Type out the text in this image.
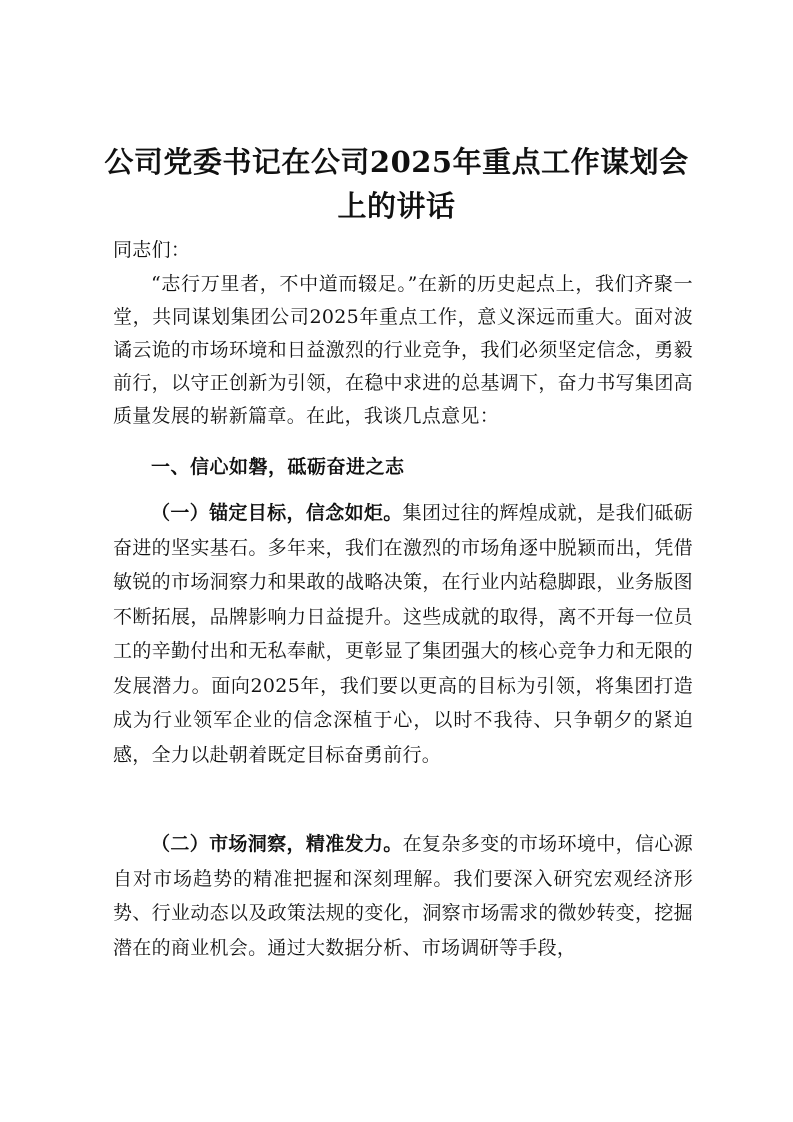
公司党委书记在公司2025年重点工作谋划会上的讲话
同志们：
“志行万里者，不中道而辍足。”在新的历史起点上，我们齐聚一堂，共同谋划集团公司2025年重点工作，意义深远而重大。面对波谲云诡的市场环境和日益激烈的行业竞争，我们必须坚定信念，勇毅前行，以守正创新为引领，在稳中求进的总基调下，奋力书写集团高质量发展的崭新篇章。在此，我谈几点意见：
一、信心如磐，砥砺奋进之志
（一）锚定目标，信念如炬。集团过往的辉煌成就，是我们砥砺奋进的坚实基石。多年来，我们在激烈的市场角逐中脱颖而出，凭借敏锐的市场洞察力和果敢的战略决策，在行业内站稳脚跟，业务版图不断拓展，品牌影响力日益提升。这些成就的取得，离不开每一位员工的辛勤付出和无私奉献，更彰显了集团强大的核心竞争力和无限的发展潜力。面向2025年，我们要以更高的目标为引领，将集团打造成为行业领军企业的信念深植于心，以时不我待、只争朝夕的紧迫感，全力以赴朝着既定目标奋勇前行。
（二）市场洞察，精准发力。在复杂多变的市场环境中，信心源自对市场趋势的精准把握和深刻理解。我们要深入研究宏观经济形势、行业动态以及政策法规的变化，洞察市场需求的微妙转变，挖掘潜在的商业机会。通过大数据分析、市场调研等手段，
